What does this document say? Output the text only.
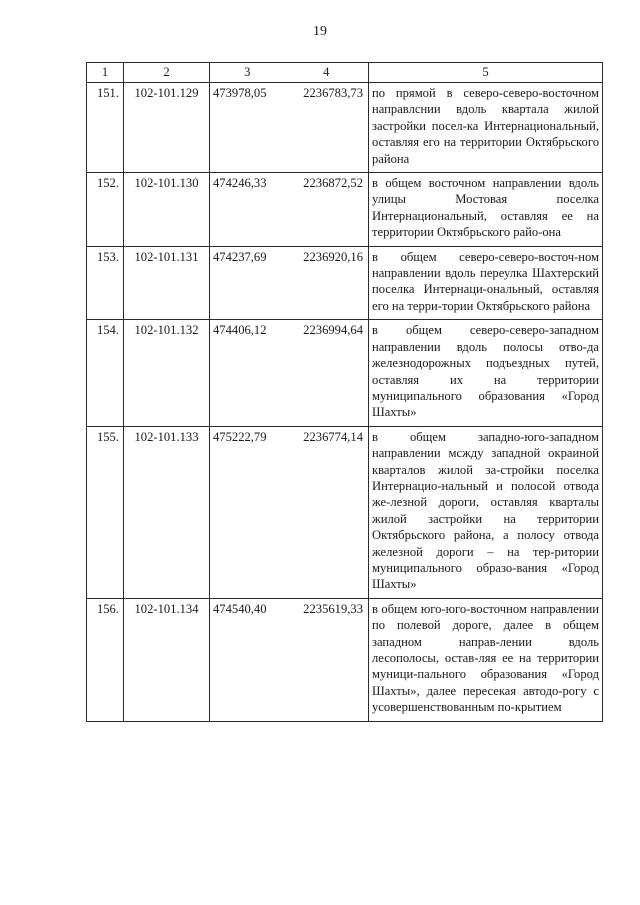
19
1	2	3	4	5
151.	102-101.129	473978,05	2236783,73	по прямой в северо-северо-восточном направлснии вдоль квартала жилой застройки посел-ка Интернациональный, оставляя его на территории Октябрьского района
152.	102-101.130	474246,33	2236872,52	в общем восточном направлении вдоль улицы Мостовая поселка Интернациональный, оставляя ее на территории Октябрьского райо-она
153.	102-101.131	474237,69	2236920,16	в общем северо-северо-восточ-ном направлении вдоль переулка Шахтерский поселка Интернаци-ональный, оставляя его на терри-тории Октябрьского района
154.	102-101.132	474406,12	2236994,64	в общем северо-северо-западном направлении вдоль полосы отво-да железнодорожных подъездных путей, оставляя их на территории муниципального образования «Город Шахты»
155.	102-101.133	475222,79	2236774,14	в общем западно-юго-западном направлении мсжду западной окраиной кварталов жилой за-стройки поселка Интернацио-нальный и полосой отвода же-лезной дороги, оставляя кварталы жилой застройки на территории Октябрьского района, а полосу отвода железной дороги – на тер-ритории муниципального образо-вания «Город Шахты»
156.	102-101.134	474540,40	2235619,33	в общем юго-юго-восточном направлении по полевой дороге, далее в общем западном направ-лении вдоль лесополосы, остав-ляя ее на территории муници-пального образования «Город Шахты», далее пересекая автодо-рогу с усовершенствованным по-крытием
